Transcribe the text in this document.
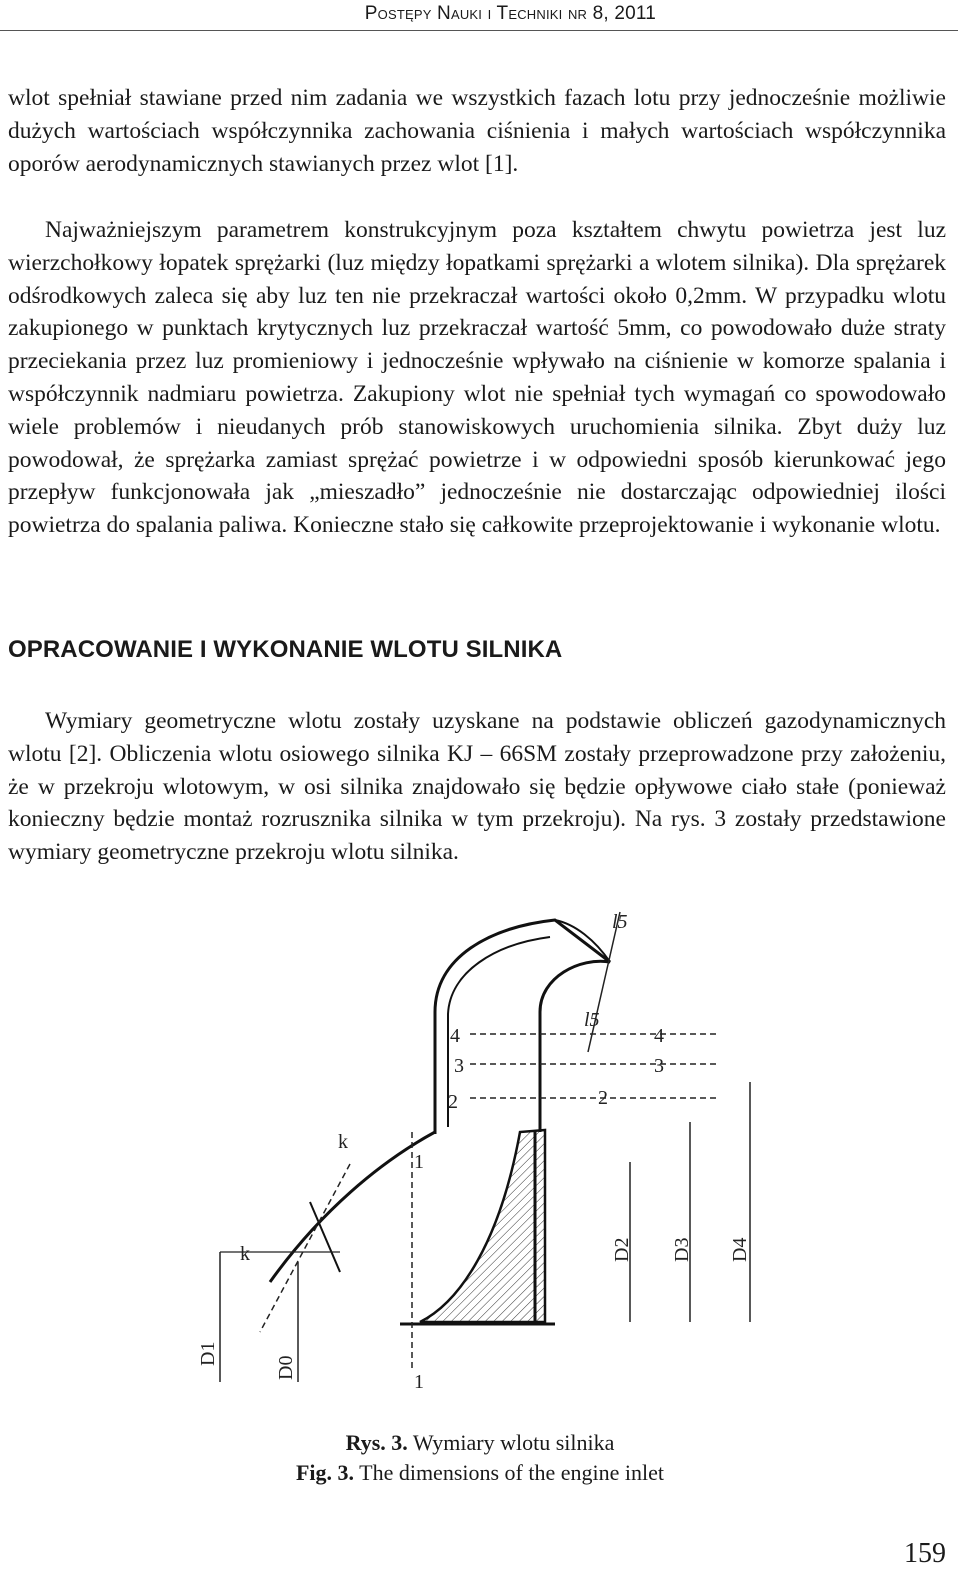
Postępy Nauki i Techniki nr 8, 2011

wlot spełniał stawiane przed nim zadania we wszystkich fazach lotu przy jednocześnie możliwie dużych wartościach współczynnika zachowania ciśnienia i małych wartościach współczynnika oporów aerodynamicznych stawianych przez wlot [1].

Najważniejszym parametrem konstrukcyjnym poza kształtem chwytu powietrza jest luz wierzchołkowy łopatek sprężarki (luz między łopatkami sprężarki a wlotem silnika). Dla sprężarek odśrodkowych zaleca się aby luz ten nie przekraczał wartości około 0,2mm. W przypadku wlotu zakupionego w punktach krytycznych luz przekraczał wartość 5mm, co powodowało duże straty przeciekania przez luz promieniowy i jednocześnie wpływało na ciśnienie w komorze spalania i współczynnik nadmiaru powietrza. Zakupiony wlot nie spełniał tych wymagań co spowodowało wiele problemów i nieudanych prób stanowiskowych uruchomienia silnika. Zbyt duży luz powodował, że sprężarka zamiast sprężać powietrze i w odpowiedni sposób kierunkować jego przepływ funkcjonowała jak „mieszadło” jednocześnie nie dostarczając odpowiedniej ilości powietrza do spalania paliwa. Konieczne stało się całkowite przeprojektowanie i wykonanie wlotu.

OPRACOWANIE I WYKONANIE WLOTU SILNIKA

Wymiary geometryczne wlotu zostały uzyskane na podstawie obliczeń gazodynamicznych wlotu [2]. Obliczenia wlotu osiowego silnika KJ – 66SM zostały przeprowadzone przy założeniu, że w przekroju wlotowym, w osi silnika znajdowało się będzie opływowe ciało stałe (ponieważ konieczny będzie montaż rozrusznika silnika w tym przekroju). Na rys. 3 zostały przedstawione wymiary geometryczne przekroju wlotu silnika.

l5
l5
4	4
3	3
2	2
1
1
k
k
D0
D1
D2 D3 D4

Rys. 3. Wymiary wlotu silnika

Fig. 3. The dimensions of the engine inlet

159
